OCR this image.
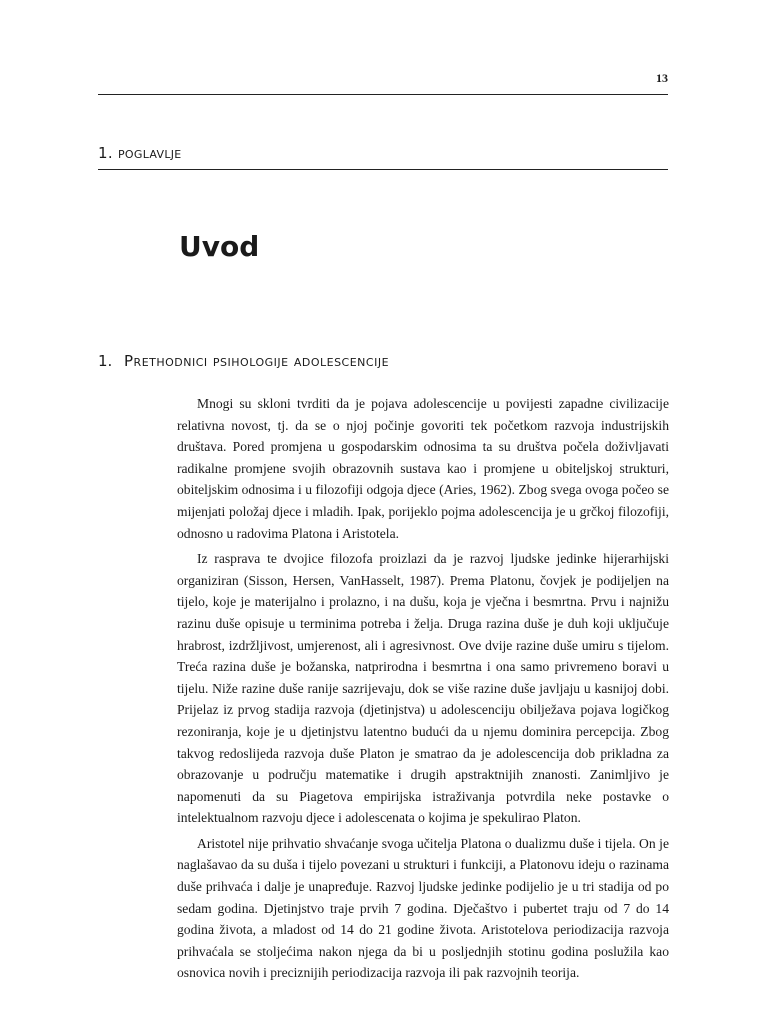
13
1. poglavlje
Uvod
1. Prethodnici psihologije adolescencije

Mnogi su skloni tvrditi da je pojava adolescencije u povijesti zapadne civilizacije relativna novost, tj. da se o njoj počinje govoriti tek početkom razvoja industrijskih društava. Pored promjena u gospodarskim odnosima ta su društva počela doživljavati radikalne promjene svojih obrazovnih sustava kao i promjene u obiteljskoj strukturi, obiteljskim odnosima i u filozofiji odgoja djece (Aries, 1962). Zbog svega ovoga počeo se mijenjati položaj djece i mladih. Ipak, porijeklo pojma adolescencija je u grčkoj filozofiji, odnosno u radovima Platona i Aristotela.

Iz rasprava te dvojice filozofa proizlazi da je razvoj ljudske jedinke hijerarhijski organiziran (Sisson, Hersen, VanHasselt, 1987). Prema Platonu, čovjek je podijeljen na tijelo, koje je materijalno i prolazno, i na dušu, koja je vječna i besmrtna. Prvu i najnižu razinu duše opisuje u terminima potreba i želja. Druga razina duše je duh koji uključuje hrabrost, izdržljivost, umjerenost, ali i agresivnost. Ove dvije razine duše umiru s tijelom. Treća razina duše je božanska, natprirodna i besmrtna i ona samo privremeno boravi u tijelu. Niže razine duše ranije sazrijevaju, dok se više razine duše javljaju u kasnijoj dobi. Prijelaz iz prvog stadija razvoja (djetinjstva) u adolescenciju obilježava pojava logičkog rezoniranja, koje je u djetinjstvu latentno budući da u njemu dominira percepcija. Zbog takvog redoslijeda razvoja duše Platon je smatrao da je adolescencija dob prikladna za obrazovanje u području matematike i drugih apstraktnijih znanosti. Zanimljivo je napomenuti da su Piagetova empirijska istraživanja potvrdila neke postavke o intelektualnom razvoju djece i adolescenata o kojima je spekulirao Platon.

Aristotel nije prihvatio shvaćanje svoga učitelja Platona o dualizmu duše i tijela. On je naglašavao da su duša i tijelo povezani u strukturi i funkciji, a Platonovu ideju o razinama duše prihvaća i dalje je unapređuje. Razvoj ljudske jedinke podijelio je u tri stadija od po sedam godina. Djetinjstvo traje prvih 7 godina. Dječaštvo i pubertet traju od 7 do 14 godina života, a mladost od 14 do 21 godine života. Aristotelova periodizacija razvoja prihvaćala se stoljećima nakon njega da bi u posljednjih stotinu godina poslužila kao osnovica novih i preciznijih periodizacija razvoja ili pak razvojnih teorija.
